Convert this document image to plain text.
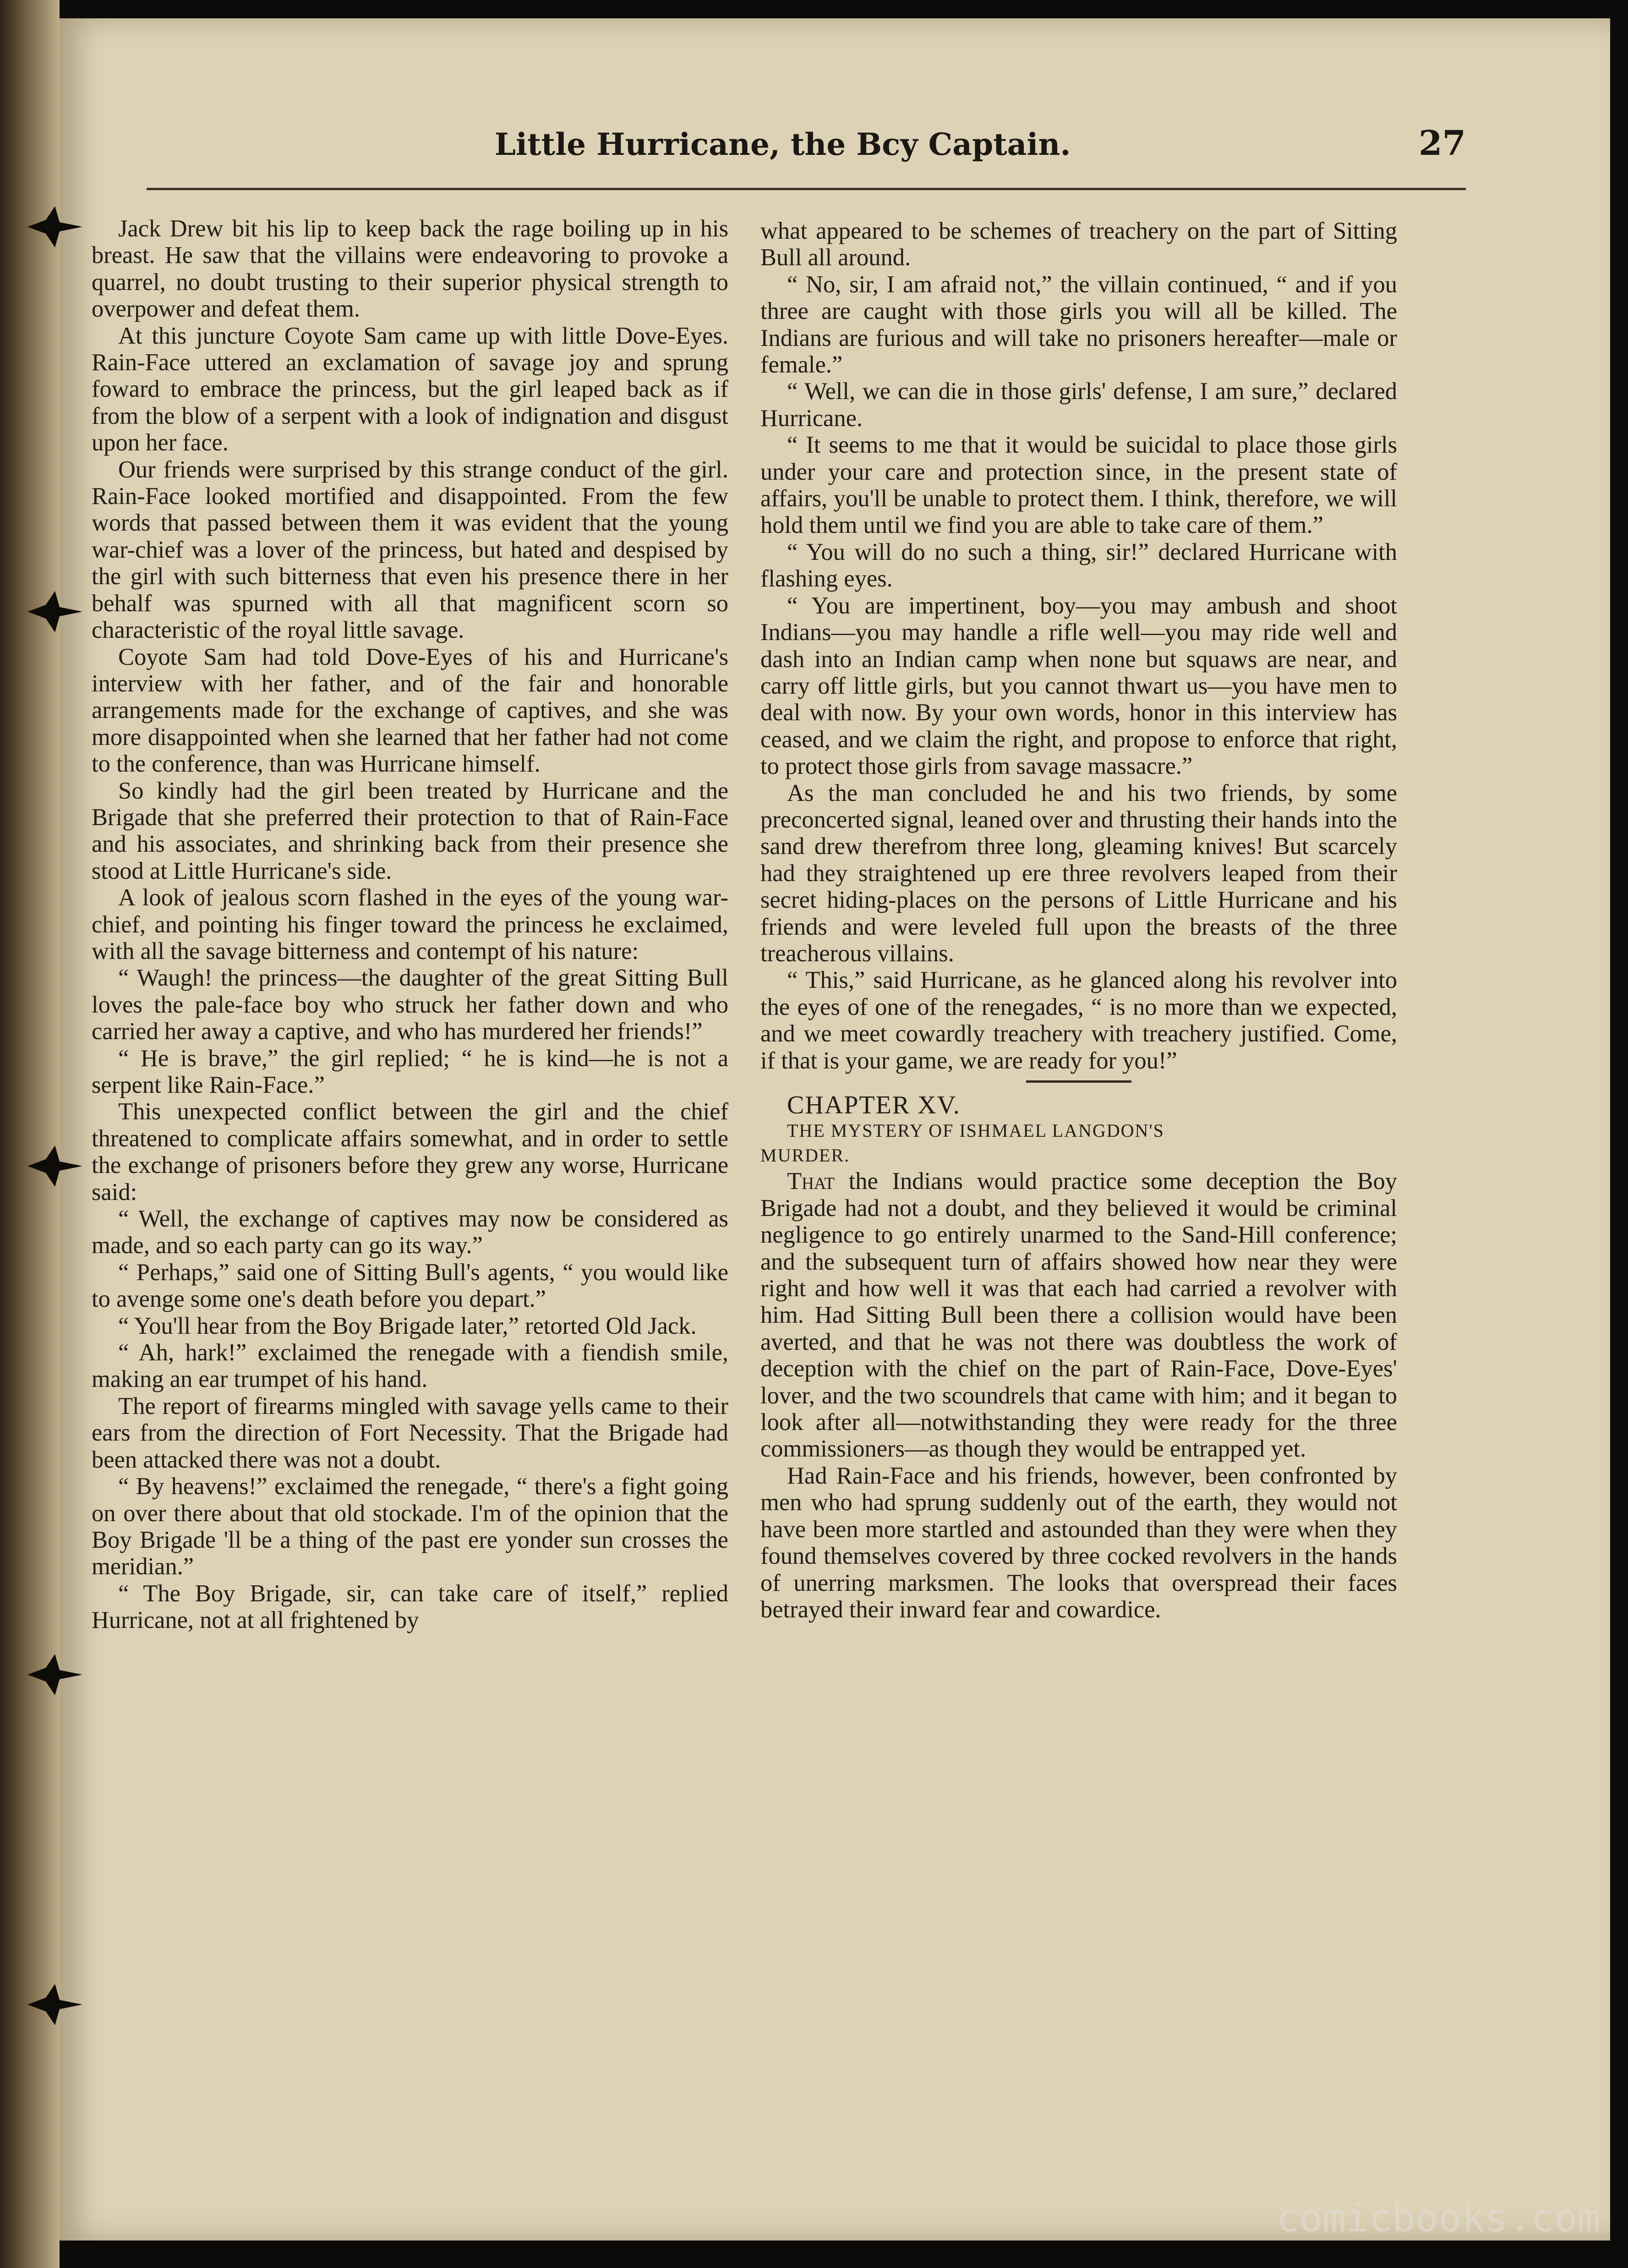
Little Hurricane, the Bcy Captain.	27

Jack Drew bit his lip to keep back the rage boiling up in his breast. He saw that the villains were endeavoring to provoke a quarrel, no doubt trusting to their superior physical strength to overpower and defeat them.

At this juncture Coyote Sam came up with little Dove-Eyes. Rain-Face uttered an exclamation of savage joy and sprung foward to embrace the princess, but the girl leaped back as if from the blow of a serpent with a look of indignation and disgust upon her face.

Our friends were surprised by this strange conduct of the girl. Rain-Face looked mortified and disappointed. From the few words that passed between them it was evident that the young war-chief was a lover of the princess, but hated and despised by the girl with such bitterness that even his presence there in her behalf was spurned with all that magnificent scorn so characteristic of the royal little savage.

Coyote Sam had told Dove-Eyes of his and Hurricane's interview with her father, and of the fair and honorable arrangements made for the exchange of captives, and she was more disappointed when she learned that her father had not come to the conference, than was Hurricane himself.

So kindly had the girl been treated by Hurricane and the Brigade that she preferred their protection to that of Rain-Face and his associates, and shrinking back from their presence she stood at Little Hurricane's side.

A look of jealous scorn flashed in the eyes of the young war-chief, and pointing his finger toward the princess he exclaimed, with all the savage bitterness and contempt of his nature:

“ Waugh! the princess—the daughter of the great Sitting Bull loves the pale-face boy who struck her father down and who carried her away a captive, and who has murdered her friends!”

“ He is brave,” the girl replied; “ he is kind—he is not a serpent like Rain-Face.”

This unexpected conflict between the girl and the chief threatened to complicate affairs somewhat, and in order to settle the exchange of prisoners before they grew any worse, Hurricane said:

“ Well, the exchange of captives may now be considered as made, and so each party can go its way.”

“ Perhaps,” said one of Sitting Bull's agents, “ you would like to avenge some one's death before you depart.”

“ You'll hear from the Boy Brigade later,” retorted Old Jack.

“ Ah, hark!” exclaimed the renegade with a fiendish smile, making an ear trumpet of his hand.

The report of firearms mingled with savage yells came to their ears from the direction of Fort Necessity. That the Brigade had been attacked there was not a doubt.

“ By heavens!” exclaimed the renegade, “ there's a fight going on over there about that old stockade. I'm of the opinion that the Boy Brigade 'll be a thing of the past ere yonder sun crosses the meridian.”

“ The Boy Brigade, sir, can take care of itself,” replied Hurricane, not at all frightened by

what appeared to be schemes of treachery on the part of Sitting Bull all around.

“ No, sir, I am afraid not,” the villain continued, “ and if you three are caught with those girls you will all be killed. The Indians are furious and will take no prisoners hereafter—male or female.”

“ Well, we can die in those girls' defense, I am sure,” declared Hurricane.

“ It seems to me that it would be suicidal to place those girls under your care and protection since, in the present state of affairs, you'll be unable to protect them. I think, therefore, we will hold them until we find you are able to take care of them.”

“ You will do no such a thing, sir!” declared Hurricane with flashing eyes.

“ You are impertinent, boy—you may ambush and shoot Indians—you may handle a rifle well—you may ride well and dash into an Indian camp when none but squaws are near, and carry off little girls, but you cannot thwart us—you have men to deal with now. By your own words, honor in this interview has ceased, and we claim the right, and propose to enforce that right, to protect those girls from savage massacre.”

As the man concluded he and his two friends, by some preconcerted signal, leaned over and thrusting their hands into the sand drew therefrom three long, gleaming knives! But scarcely had they straightened up ere three revolvers leaped from their secret hiding-places on the persons of Little Hurricane and his friends and were leveled full upon the breasts of the three treacherous villains.

“ This,” said Hurricane, as he glanced along his revolver into the eyes of one of the renegades, “ is no more than we expected, and we meet cowardly treachery with treachery justified. Come, if that is your game, we are ready for you!”

CHAPTER XV.

THE MYSTERY OF ISHMAEL LANGDON'S
MURDER.

That the Indians would practice some deception the Boy Brigade had not a doubt, and they believed it would be criminal negligence to go entirely unarmed to the Sand-Hill conference; and the subsequent turn of affairs showed how near they were right and how well it was that each had carried a revolver with him. Had Sitting Bull been there a collision would have been averted, and that he was not there was doubtless the work of deception with the chief on the part of Rain-Face, Dove-Eyes' lover, and the two scoundrels that came with him; and it began to look after all—notwithstanding they were ready for the three commissioners—as though they would be entrapped yet.

Had Rain-Face and his friends, however, been confronted by men who had sprung suddenly out of the earth, they would not have been more startled and astounded than they were when they found themselves covered by three cocked revolvers in the hands of unerring marksmen. The looks that overspread their faces betrayed their inward fear and cowardice.

comicbooks.com
